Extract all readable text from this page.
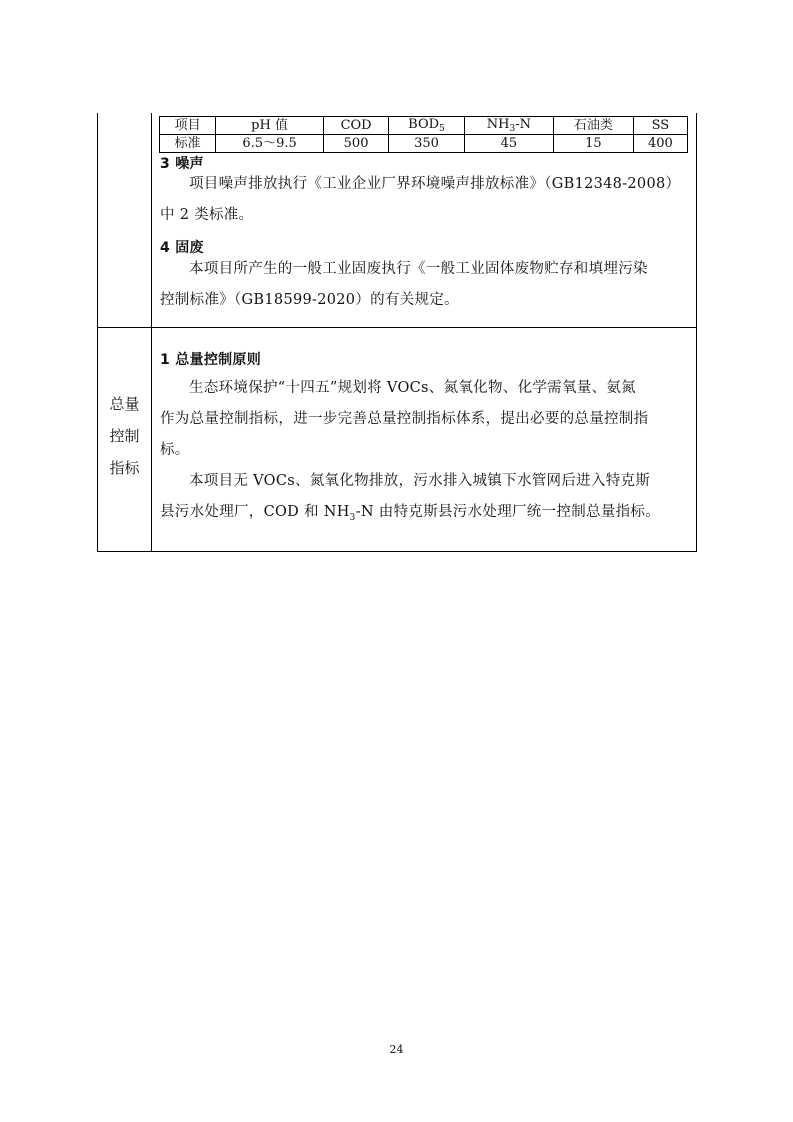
项目	pH 值	COD	$BOD_5$	$NH_3-N$	石油类	SS
标准	6.5～9.5	500	350	45	15	400
3 噪声
项目噪声排放执行《工业企业厂界环境噪声排放标准》（GB12348-2008）
中 2 类标准。
4 固废
本项目所产生的一般工业固废执行《一般工业固体废物贮存和填埋污染
控制标准》（GB18599-2020）的有关规定。
总量
控制
指标
1 总量控制原则
生态环境保护“十四五”规划将 VOCs、氮氧化物、化学需氧量、氨氮
作为总量控制指标，进一步完善总量控制指标体系，提出必要的总量控制指
标。
本项目无 VOCs、氮氧化物排放，污水排入城镇下水管网后进入特克斯
县污水处理厂，COD 和 $NH_3-N$ 由特克斯县污水处理厂统一控制总量指标。
24
